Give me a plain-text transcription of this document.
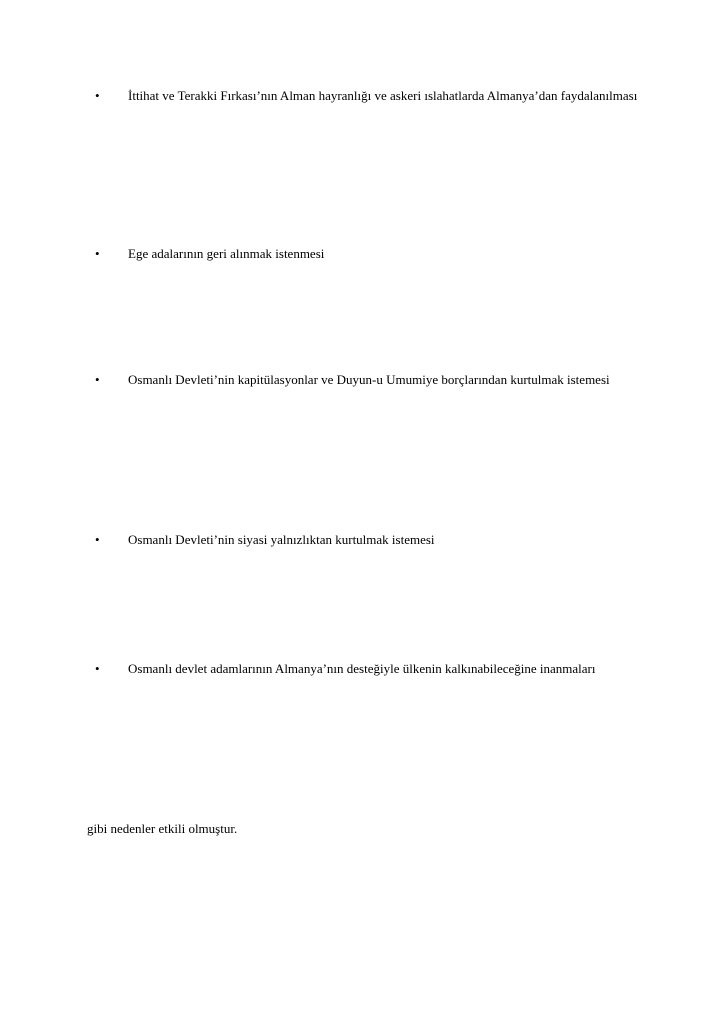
• İttihat ve Terakki Fırkası’nın Alman hayranlığı ve askeri ıslahatlarda Almanya’dan faydalanılması
• Ege adalarının geri alınmak istenmesi
• Osmanlı Devleti’nin kapitülasyonlar ve Duyun-u Umumiye borçlarından kurtulmak istemesi
• Osmanlı Devleti’nin siyasi yalnızlıktan kurtulmak istemesi
• Osmanlı devlet adamlarının Almanya’nın desteğiyle ülkenin kalkınabileceğine inanmaları
gibi nedenler etkili olmuştur.
